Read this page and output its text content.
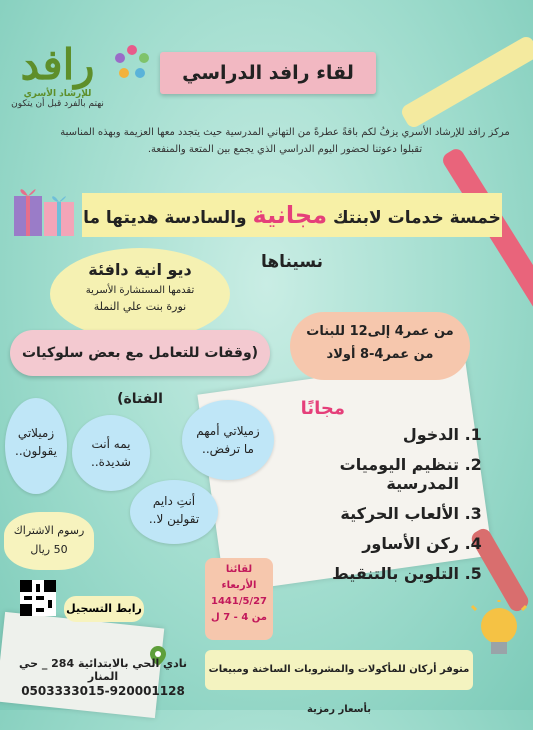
رافد
للإرشاد الأسري
نهتم بالفرد قبل أن يتكون
لقاء رافد الدراسي
مركز رافد للإرشاد الأسري يزفُ لكم باقةً عطرةً من التهاني المدرسية حيث يتجدد معها العزيمة وبهذه المناسبة
تقبلوا دعوتنا لحضور اليوم الدراسي الذي يجمع بين المتعة والمنفعة.
خمسة خدمات لابنتك مجانية والسادسة هديتها ما نسيناها
ديو انية دافئة
تقدمها المستشارة الأسرية
نورة بنت علي النملة
(وقفات للتعامل مع بعض سلوكيات الفتاة)
زميلاتي
يقولون..	يمه أنت
شديدة..
زميلاتي أمهم
ما ترفض..
أنتِ دايم
تقولين لا..
من عمر4 إلى12 للبنات
من عمر4-8 أولاد
مجانًا
1. الدخول
2. تنظيم اليوميات المدرسية
3. الألعاب الحركية
4. ركن الأساور
5. التلوين بالتنقيط
رسوم الاشتراك
50 ريال
رابط التسجيل
لقائنا
الأربعاء
1441/5/27
من 4 - 7 ل
نادي الحي بالابتدائية 284 _ حي المنار
0503333015-920001128
متوفر أركان للمأكولات والمشروبات الساخنة ومبيعات بأسعار رمزية
